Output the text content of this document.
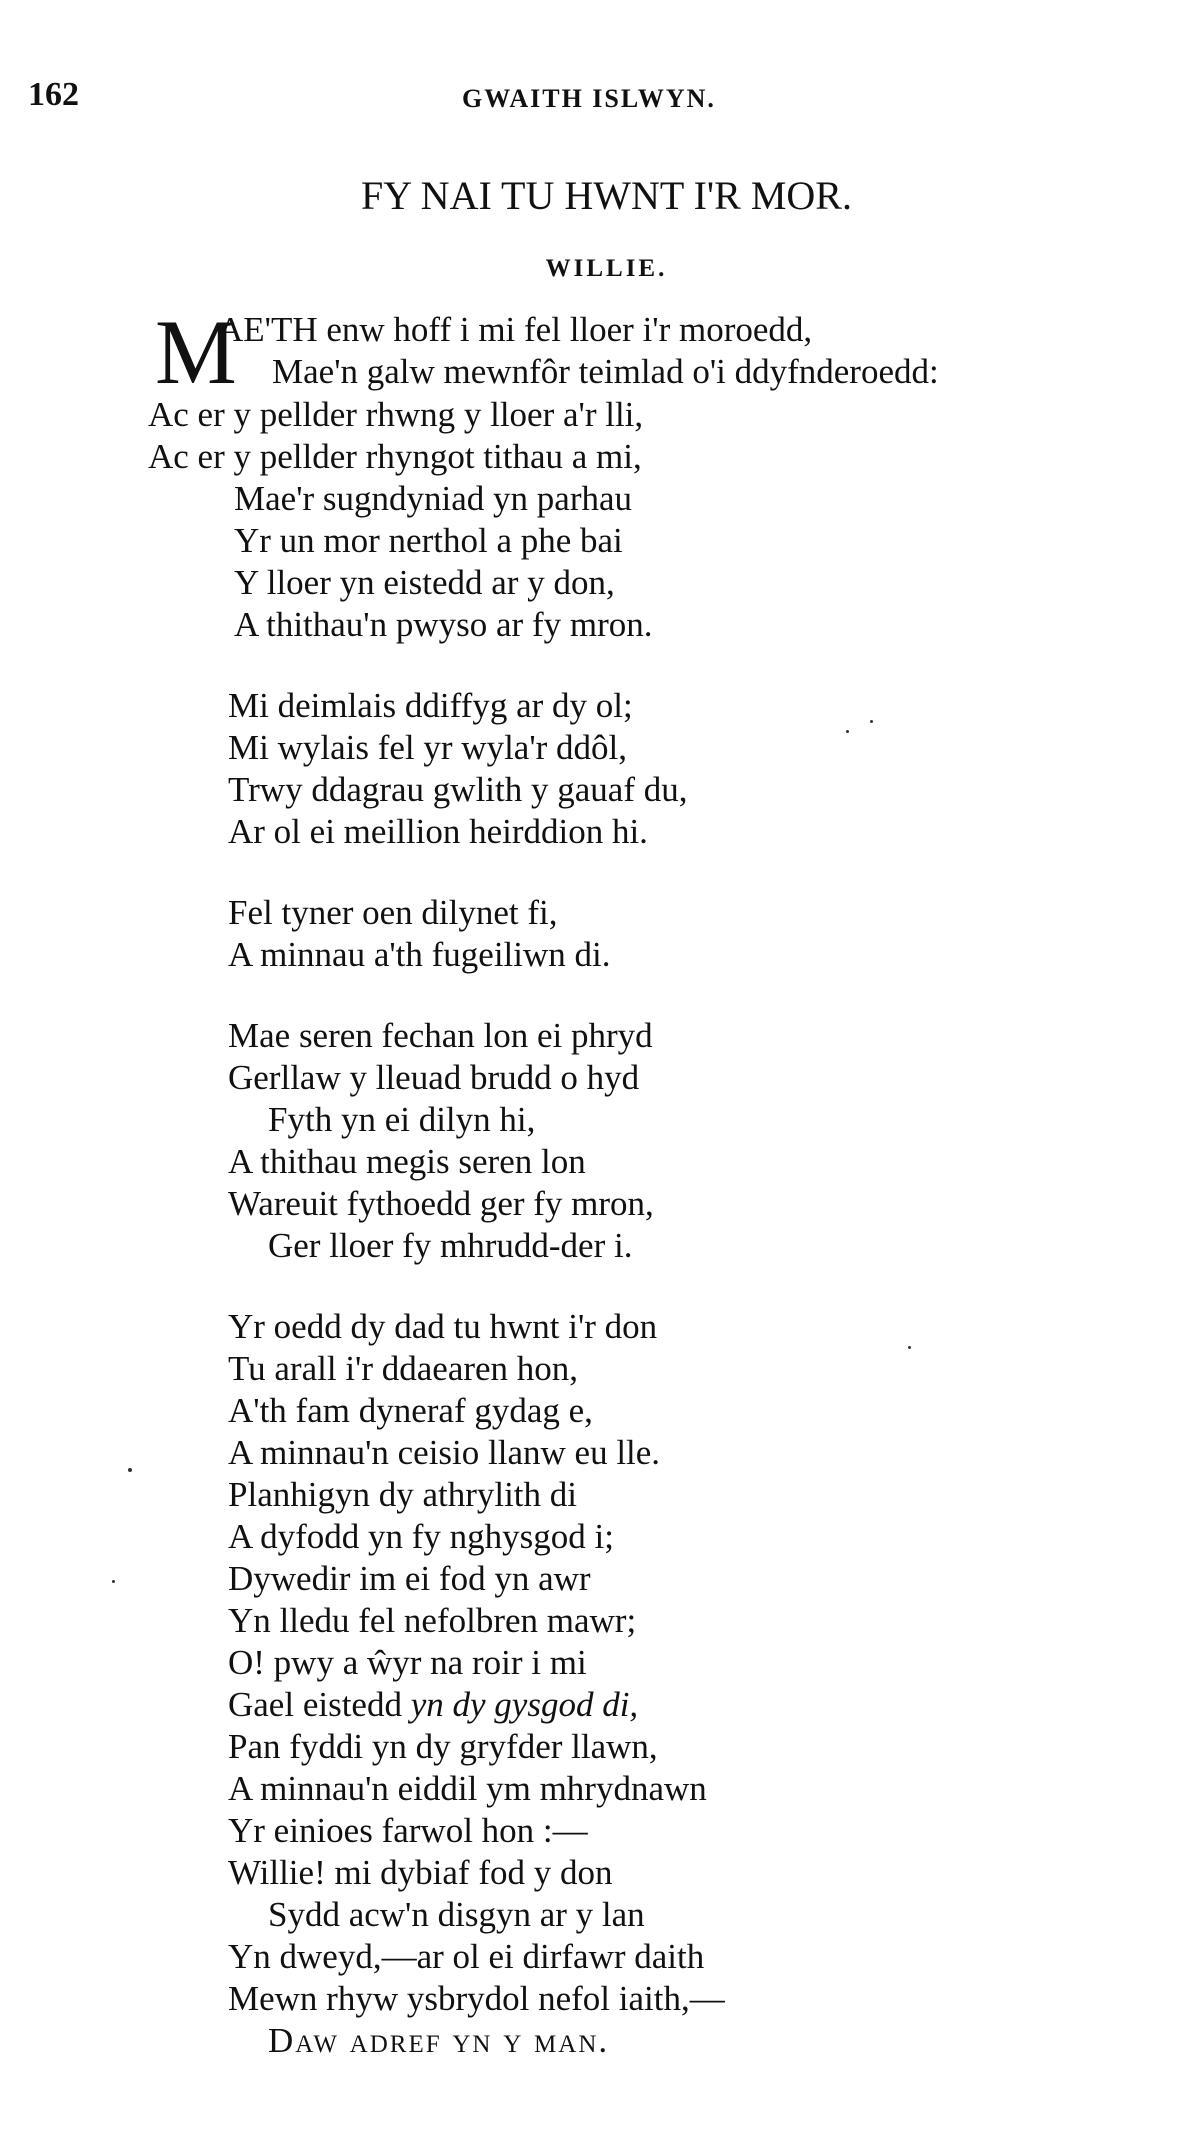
162	GWAITH ISLWYN.
FY NAI TU HWNT I'R MOR.
WILLIE.
M
AE'TH enw hoff i mi fel lloer i'r moroedd,
Mae'n galw mewnfôr teimlad o'i ddyfnderoedd:
Ac er y pellder rhwng y lloer a'r lli,
Ac er y pellder rhyngot tithau a mi,
Mae'r sugndyniad yn parhau
Yr un mor nerthol a phe bai
Y lloer yn eistedd ar y don,
A thithau'n pwyso ar fy mron.
Mi deimlais ddiffyg ar dy ol;
Mi wylais fel yr wyla'r ddôl,
Trwy ddagrau gwlith y gauaf du,
Ar ol ei meillion heirddion hi.
Fel tyner oen dilynet fi,
A minnau a'th fugeiliwn di.
Mae seren fechan lon ei phryd
Gerllaw y lleuad brudd o hyd
Fyth yn ei dilyn hi,
A thithau megis seren lon
Wareuit fythoedd ger fy mron,
Ger lloer fy mhrudd-der i.
Yr oedd dy dad tu hwnt i'r don
Tu arall i'r ddaearen hon,
A'th fam dyneraf gydag e,
A minnau'n ceisio llanw eu lle.
Planhigyn dy athrylith di
A dyfodd yn fy nghysgod i;
Dywedir im ei fod yn awr
Yn lledu fel nefolbren mawr;
O! pwy a ŵyr na roir i mi
Gael eistedd yn dy gysgod di,
Pan fyddi yn dy gryfder llawn,
A minnau'n eiddil ym mhrydnawn
Yr einioes farwol hon :—
Willie! mi dybiaf fod y don
Sydd acw'n disgyn ar y lan
Yn dweyd,—ar ol ei dirfawr daith
Mewn rhyw ysbrydol nefol iaith,—
Daw adref yn y man.
